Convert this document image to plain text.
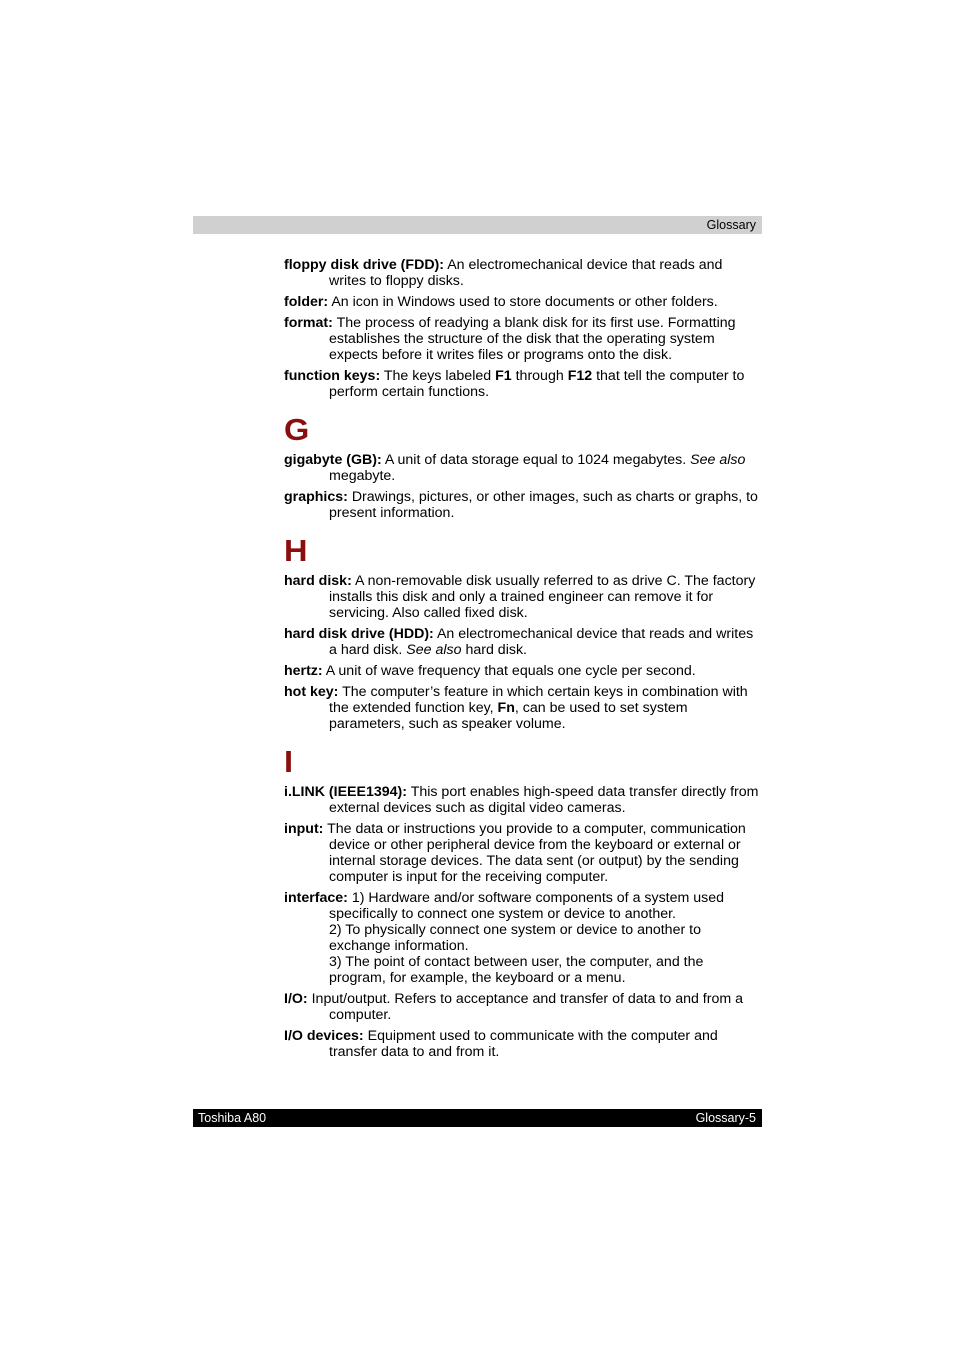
Glossary

floppy disk drive (FDD): An electromechanical device that reads and writes to floppy disks.

folder: An icon in Windows used to store documents or other folders.

format: The process of readying a blank disk for its first use. Formatting establishes the structure of the disk that the operating system expects before it writes files or programs onto the disk.

function keys: The keys labeled F1 through F12 that tell the computer to perform certain functions.

G

gigabyte (GB): A unit of data storage equal to 1024 megabytes. See also megabyte.

graphics: Drawings, pictures, or other images, such as charts or graphs, to present information.

H

hard disk: A non-removable disk usually referred to as drive C. The factory installs this disk and only a trained engineer can remove it for servicing. Also called fixed disk.

hard disk drive (HDD): An electromechanical device that reads and writes a hard disk. See also hard disk.

hertz: A unit of wave frequency that equals one cycle per second.

hot key: The computer’s feature in which certain keys in combination with the extended function key, Fn, can be used to set system parameters, such as speaker volume.

I

i.LINK (IEEE1394): This port enables high-speed data transfer directly from external devices such as digital video cameras.

input: The data or instructions you provide to a computer, communication device or other peripheral device from the keyboard or external or internal storage devices. The data sent (or output) by the sending computer is input for the receiving computer.

interface: 1) Hardware and/or software components of a system used specifically to connect one system or device to another.
2) To physically connect one system or device to another to exchange information.
3) The point of contact between user, the computer, and the program, for example, the keyboard or a menu.

I/O: Input/output. Refers to acceptance and transfer of data to and from a computer.

I/O devices: Equipment used to communicate with the computer and transfer data to and from it.

Toshiba A80	Glossary-5
